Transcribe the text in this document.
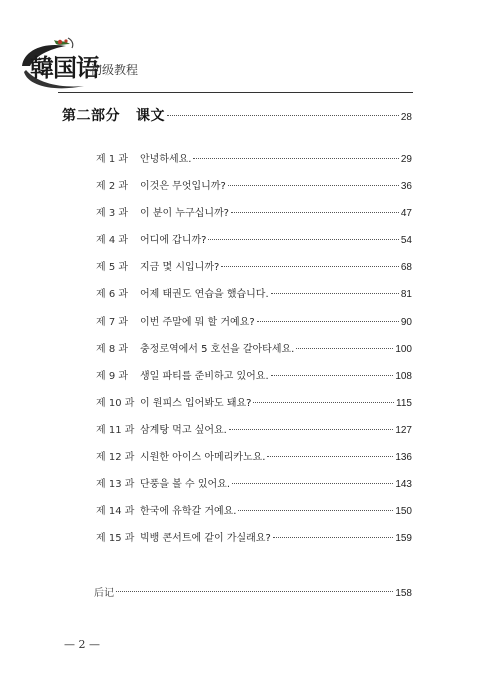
韓国语
初级教程
第二部分 课文	28
제 1 과	안녕하세요.	29
제 2 과	이것은 무엇입니까?	36
제 3 과	이 분이 누구십니까?	47
제 4 과	어디에 갑니까?	54
제 5 과	지금 몇 시입니까?	68
제 6 과	어제 태권도 연습을 했습니다.	81
제 7 과	이번 주말에 뭐 할 거예요?	90
제 8 과	충정로역에서 5 호선을 갈아타세요.	100
제 9 과	생일 파티를 준비하고 있어요.	108
제 10 과 이 원피스 입어봐도 돼요?	115
제 11 과 삼계탕 먹고 싶어요.	127
제 12 과 시원한 아이스 아메리카노요.	136
제 13 과 단풍을 볼 수 있어요.	143
제 14 과 한국에 유학갈 거예요.	150
제 15 과 빅뱅 콘서트에 같이 가실래요?	159
后记	158
— 2 —
